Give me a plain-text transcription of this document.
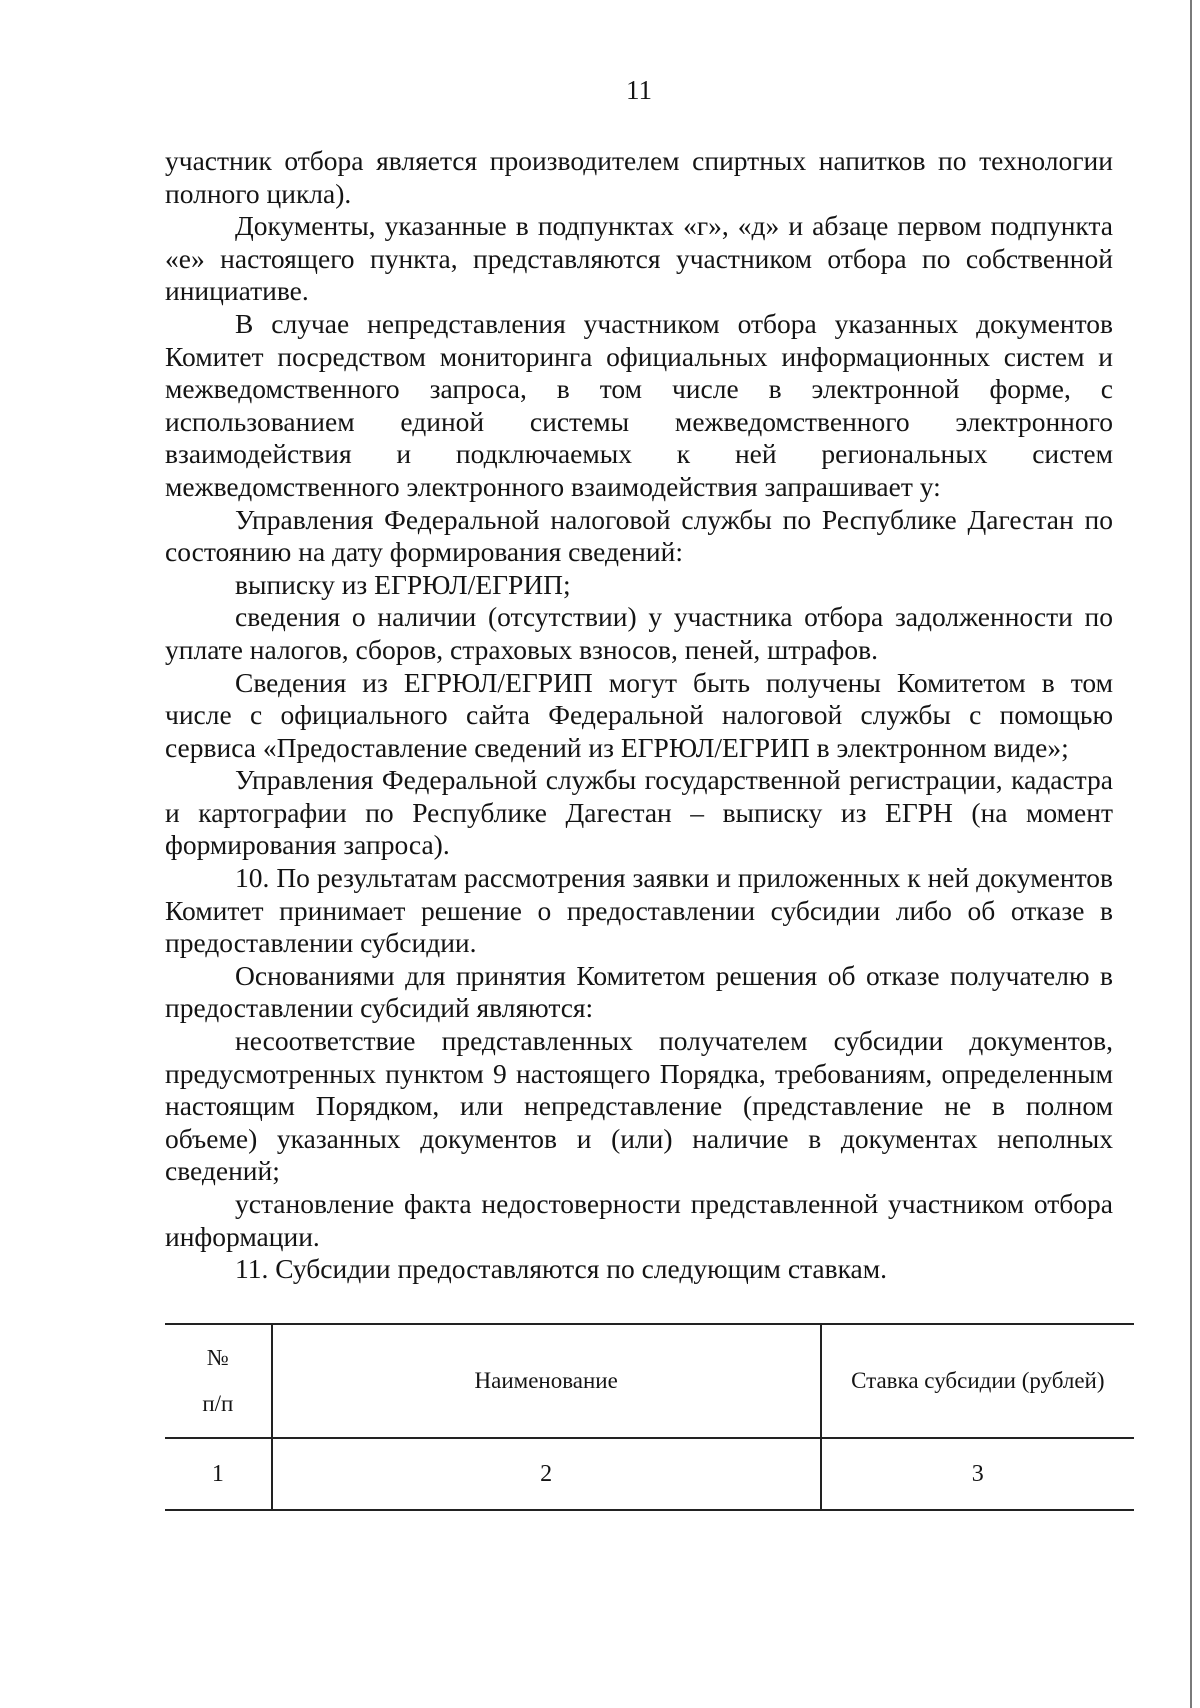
11

участник отбора является производителем спиртных напитков по технологии полного цикла).

Документы, указанные в подпунктах «г», «д» и абзаце первом подпункта «е» настоящего пункта, представляются участником отбора по собственной инициативе.

В случае непредставления участником отбора указанных документов Комитет посредством мониторинга официальных информационных систем и межведомственного запроса, в том числе в электронной форме, с использованием единой системы межведомственного электронного взаимодействия и подключаемых к ней региональных систем межведомственного электронного взаимодействия запрашивает у:

Управления Федеральной налоговой службы по Республике Дагестан по состоянию на дату формирования сведений:

выписку из ЕГРЮЛ/ЕГРИП;

сведения о наличии (отсутствии) у участника отбора задолженности по уплате налогов, сборов, страховых взносов, пеней, штрафов.

Сведения из ЕГРЮЛ/ЕГРИП могут быть получены Комитетом в том числе с официального сайта Федеральной налоговой службы с помощью сервиса «Предоставление сведений из ЕГРЮЛ/ЕГРИП в электронном виде»;

Управления Федеральной службы государственной регистрации, кадастра и картографии по Республике Дагестан – выписку из ЕГРН (на момент формирования запроса).

10. По результатам рассмотрения заявки и приложенных к ней документов Комитет принимает решение о предоставлении субсидии либо об отказе в предоставлении субсидии.

Основаниями для принятия Комитетом решения об отказе получателю в предоставлении субсидий являются:

несоответствие представленных получателем субсидии документов, предусмотренных пунктом 9 настоящего Порядка, требованиям, определенным настоящим Порядком, или непредставление (представление не в полном объеме) указанных документов и (или) наличие в документах неполных сведений;

установление факта недостоверности представленной участником отбора информации.

11. Субсидии предоставляются по следующим ставкам.

№
п/п	Наименование	Ставка субсидии (рублей)
1	2	3
